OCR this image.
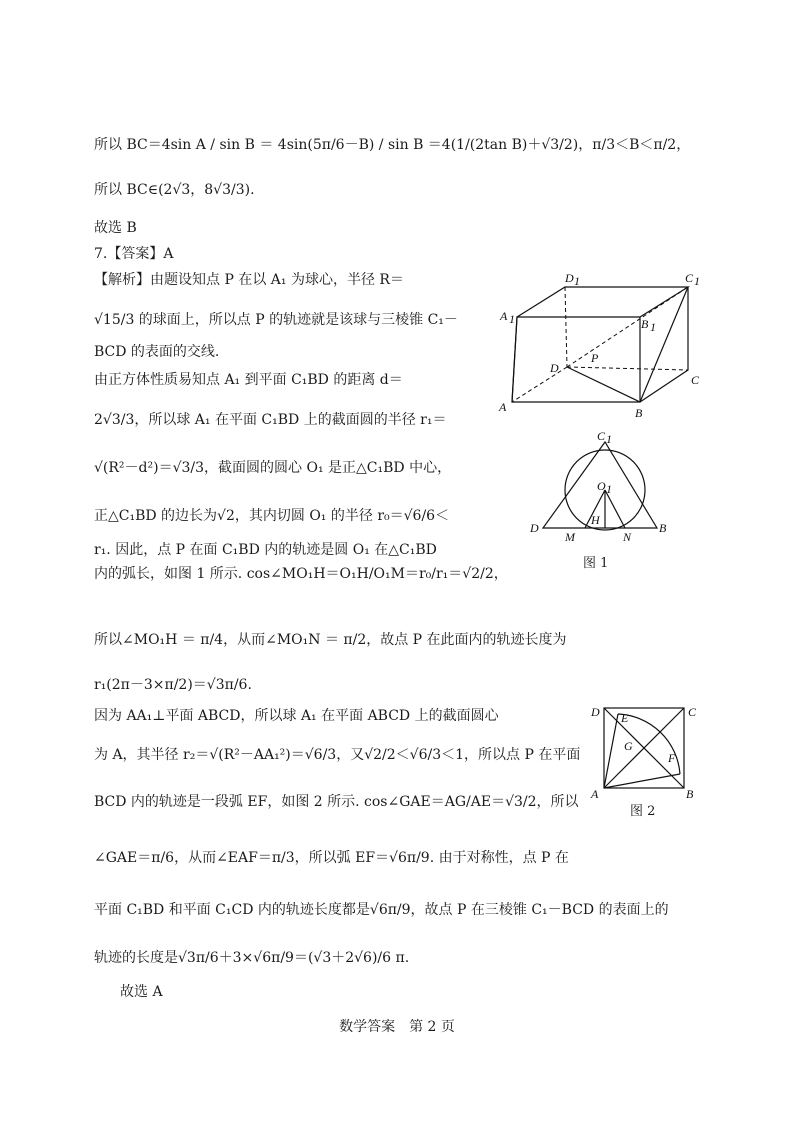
所以 BC＝4sin A / sin B ＝ 4sin(5π/6－B) / sin B ＝4(1/(2tan B)＋√3/2)，π/3＜B＜π/2，
所以 BC∈(2√3，8√3/3).
故选 B
7.【答案】A
【解析】由题设知点 P 在以 A₁ 为球心，半径 R＝
√15/3 的球面上，所以点 P 的轨迹就是该球与三棱锥 C₁－
BCD 的表面的交线.
由正方体性质易知点 A₁ 到平面 C₁BD 的距离 d＝
2√3/3，所以球 A₁ 在平面 C₁BD 上的截面圆的半径 r₁＝
√(R²－d²)＝√3/3，截面圆的圆心 O₁ 是正△C₁BD 中心，
正△C₁BD 的边长为√2，其内切圆 O₁ 的半径 r₀＝√6/6＜
r₁. 因此，点 P 在面 C₁BD 内的轨迹是圆 O₁ 在△C₁BD
内的弧长，如图 1 所示. cos∠MO₁H＝O₁H/O₁M＝r₀/r₁＝√2/2，
所以∠MO₁H ＝ π/4，从而∠MO₁N ＝ π/2，故点 P 在此面内的轨迹长度为
r₁(2π－3×π/2)＝√3π/6.
因为 AA₁⊥平面 ABCD，所以球 A₁ 在平面 ABCD 上的截面圆心
为 A，其半径 r₂＝√(R²－AA₁²)＝√6/3，又√2/2＜√6/3＜1，所以点 P 在平面
BCD 内的轨迹是一段弧 EF，如图 2 所示. cos∠GAE＝AG/AE＝√3/2，所以
∠GAE＝π/6，从而∠EAF＝π/3，所以弧 EF＝√6π/9. 由于对称性，点 P 在
平面 C₁BD 和平面 C₁CD 内的轨迹长度都是√6π/9，故点 P 在三棱锥 C₁－BCD 的表面上的
轨迹的长度是√3π/6＋3×√6π/9＝(√3＋2√6)/6 π.
故选 A
D 1	C 1
A 1	B 1
D
C
A	B
P
C 1
O 1
H
D	B
M	N
图 1
D	C
E
G
F
A	B
图 2
数学答案　第 2 页
